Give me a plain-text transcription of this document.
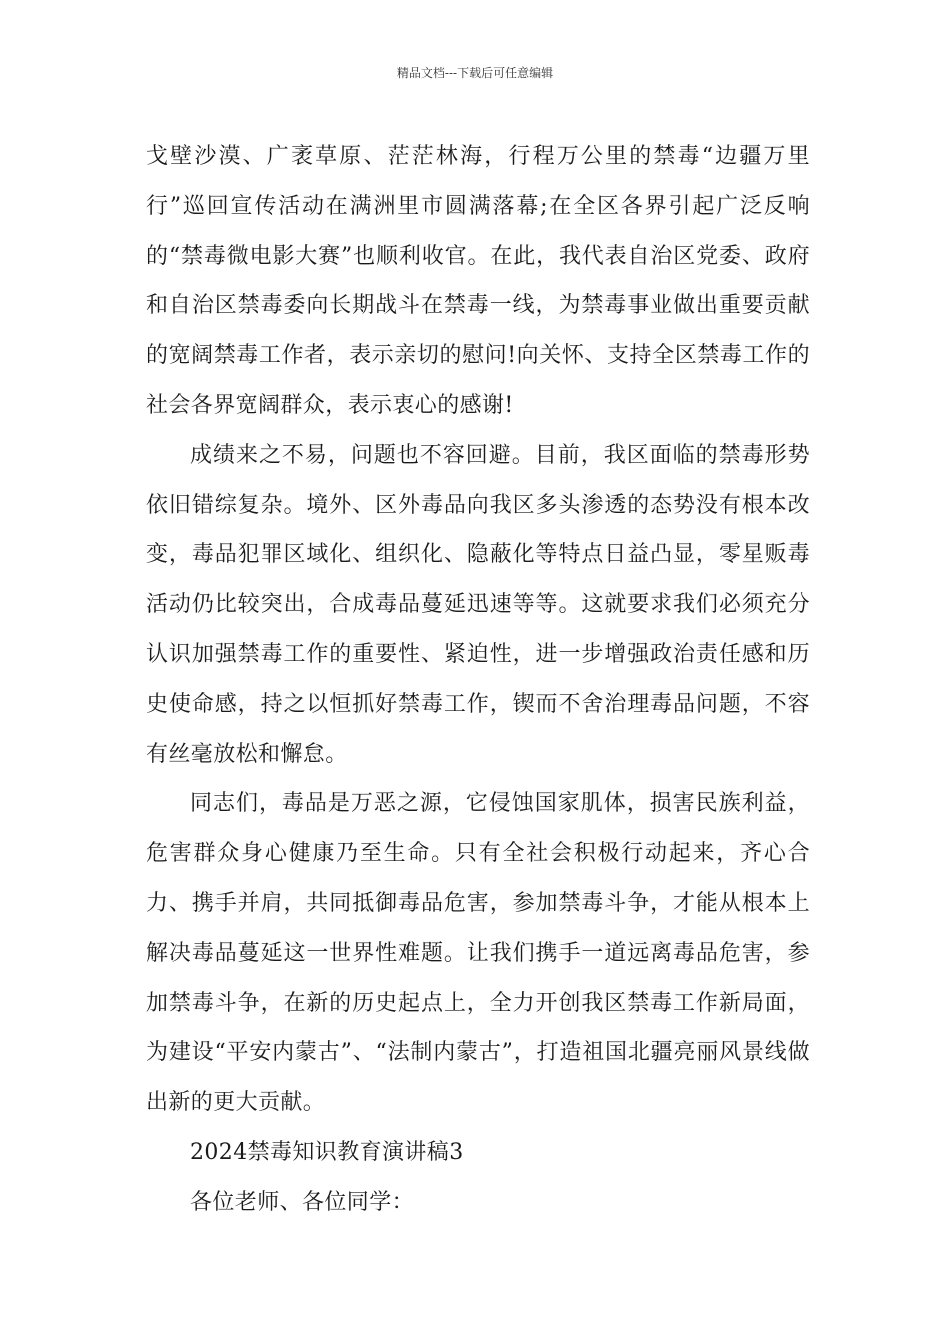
精品文档---下载后可任意编辑

戈壁沙漠、广袤草原、茫茫林海，行程万公里的禁毒“边疆万里行”巡回宣传活动在满洲里市圆满落幕;在全区各界引起广泛反响的“禁毒微电影大赛”也顺利收官。在此，我代表自治区党委、政府和自治区禁毒委向长期战斗在禁毒一线，为禁毒事业做出重要贡献的宽阔禁毒工作者，表示亲切的慰问!向关怀、支持全区禁毒工作的社会各界宽阔群众，表示衷心的感谢!

成绩来之不易，问题也不容回避。目前，我区面临的禁毒形势依旧错综复杂。境外、区外毒品向我区多头渗透的态势没有根本改变，毒品犯罪区域化、组织化、隐蔽化等特点日益凸显，零星贩毒活动仍比较突出，合成毒品蔓延迅速等等。这就要求我们必须充分认识加强禁毒工作的重要性、紧迫性，进一步增强政治责任感和历史使命感，持之以恒抓好禁毒工作，锲而不舍治理毒品问题，不容有丝毫放松和懈怠。

同志们，毒品是万恶之源，它侵蚀国家肌体，损害民族利益，危害群众身心健康乃至生命。只有全社会积极行动起来，齐心合力、携手并肩，共同抵御毒品危害，参加禁毒斗争，才能从根本上解决毒品蔓延这一世界性难题。让我们携手一道远离毒品危害，参加禁毒斗争，在新的历史起点上，全力开创我区禁毒工作新局面，为建设“平安内蒙古”、“法制内蒙古”，打造祖国北疆亮丽风景线做出新的更大贡献。

2024禁毒知识教育演讲稿3

各位老师、各位同学：
